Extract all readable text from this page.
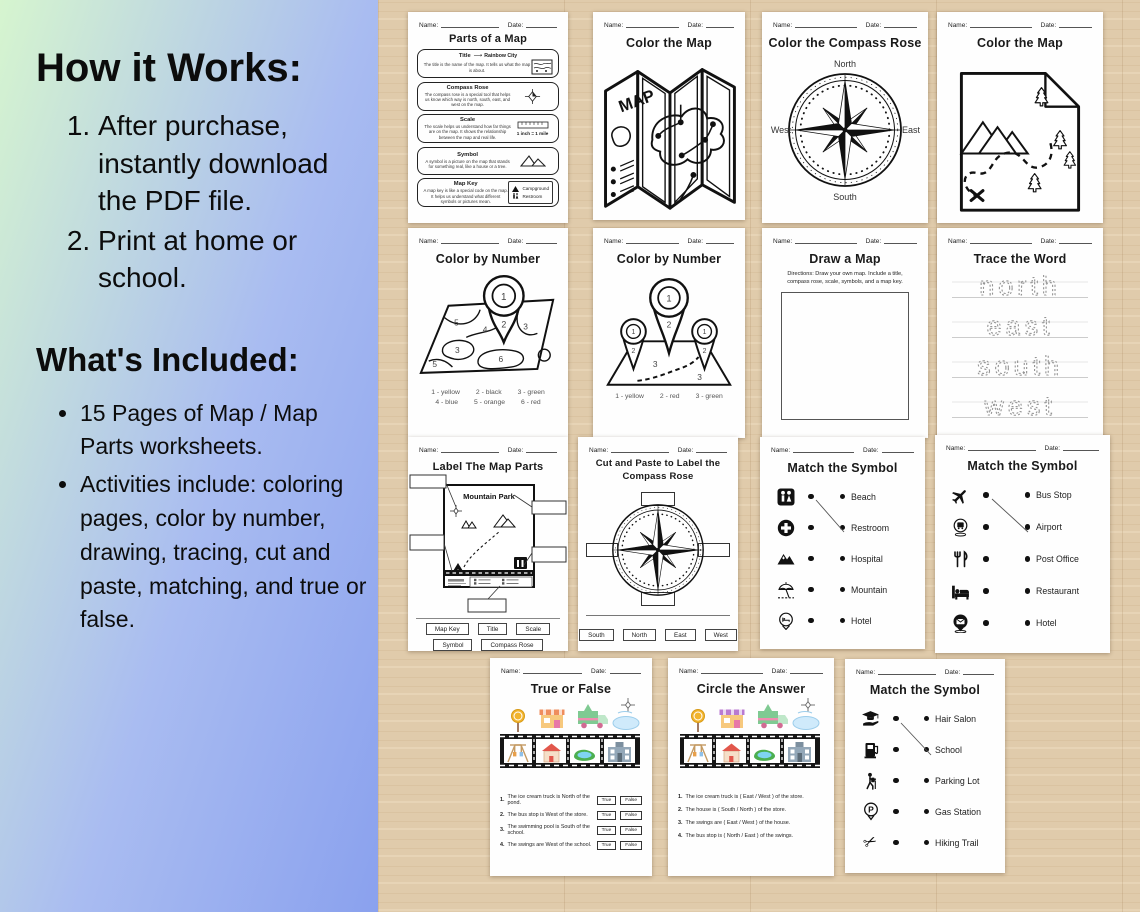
How it Works:
1. After purchase, instantly download the PDF file.
2. Print at home or school.
What's Included:
• 15 Pages of Map / Map Parts worksheets.
• Activities include: coloring pages, color by number, drawing, tracing, cut and paste, matching, and true or false.
Name:	Date:
Parts of a Map
Title ⟶ Rainbow City
The title is the name of the map. It tells us what the map is about.
Compass Rose
The compass rose is a special tool that helps us know which way is north, south, east, and west on the map.
Scale
The scale helps us understand how far things are on the map. It shows the relationship between the map and real life.
1 inch = 1 mile
Symbol
A symbol is a picture on the map that stands for something real, like a house or a tree.
Map Key
A map key is like a special code on the map. It helps us understand what different symbols or pictures mean.
Campground
Restroom
Name:	Date:
Color the Map
MAP
Name:	Date:
Color the Compass Rose
North
East
South
West
Name:	Date:
Color the Map
Name:	Date:
Color by Number
5
4
3
3
6
5
1
2
1 - yellow 2 - black 3 - green
4 - blue 5 - orange 6 - red
Name:	Date:
Color by Number
3
3
1
2
1
2
1
2
1 - yellow 2 - red 3 - green
Name:	Date:
Draw a Map
Directions: Draw your own map. Include a title, compass rose, scale, symbols, and a map key.
Name:	Date:
Trace the Word
north
east
south
west
Name:	Date:
Label The Map Parts
Mountain Park
Map Key	Title	Scale
Symbol	Compass Rose
Name:	Date:
Cut and Paste to Label the
Compass Rose
South	North	East	West
Name:	Date:
Match the Symbol
Beach
Restroom
Hospital
Mountain
Hotel
Name:	Date:
Match the Symbol
Bus Stop
Airport
Post Office
Restaurant
Hotel
Name:	Date:
True or False
The ice cream truck is North of the pond.	True	False
The bus stop is West of the store.	True	False
The swimming pool is South of the school.	True	False
The swings are West of the school.	True	False
Name:	Date:
Circle the Answer
The ice cream truck is ( East / West ) of the store.
The house is ( South / North ) of the store.
The swings are ( East / West ) of the house.
The bus stop is ( North / East ) of the swings.
Name:	Date:
Match the Symbol
Hair Salon
School
Parking Lot
P	Gas Station
✂	Hiking Trail
